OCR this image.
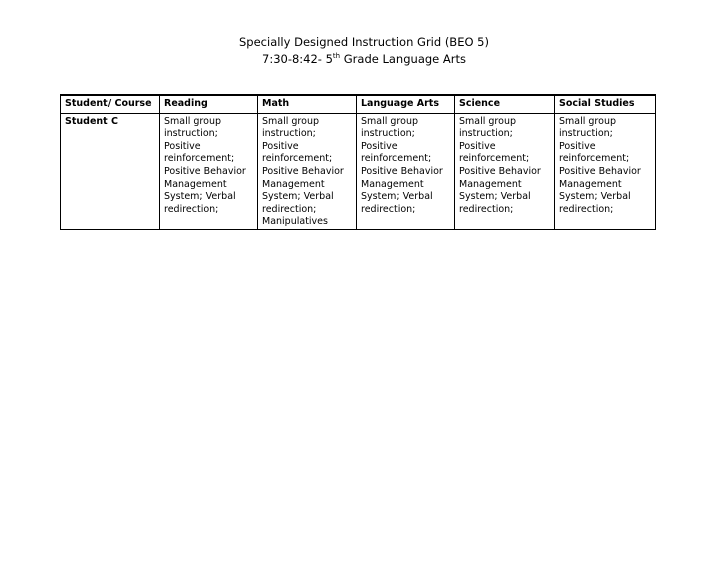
Specially Designed Instruction Grid (BEO 5)
7:30-8:42- 5th Grade Language Arts
Student/ Course	Reading	Math	Language Arts	Science	Social Studies
Student C	Small group instruction; Positive reinforcement; Positive Behavior Management System; Verbal redirection;	Small group instruction; Positive reinforcement; Positive Behavior Management System; Verbal redirection; Manipulatives	Small group instruction; Positive reinforcement; Positive Behavior Management System; Verbal redirection;	Small group instruction; Positive reinforcement; Positive Behavior Management System; Verbal redirection;	Small group instruction; Positive reinforcement; Positive Behavior Management System; Verbal redirection;
